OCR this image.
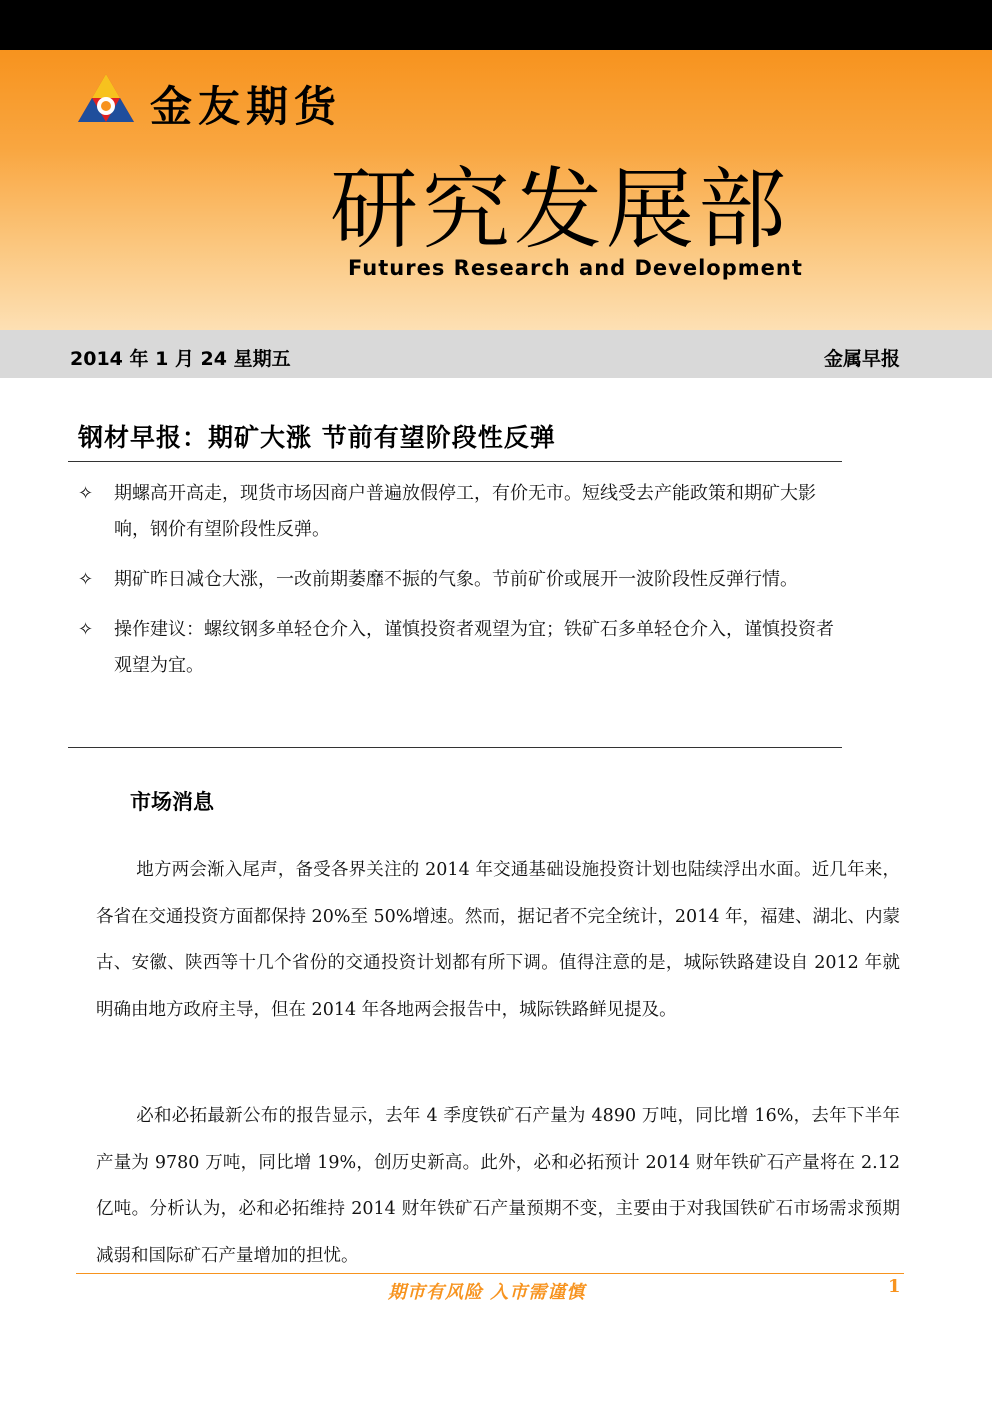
金友期货
研究发展部
Futures Research and Development
2014 年 1 月 24 星期五	金属早报
钢材早报：期矿大涨 节前有望阶段性反弹
✧ 期螺高开高走，现货市场因商户普遍放假停工，有价无市。短线受去产能政策和期矿大影响，钢价有望阶段性反弹。
✧ 期矿昨日减仓大涨，一改前期萎靡不振的气象。节前矿价或展开一波阶段性反弹行情。
✧ 操作建议：螺纹钢多单轻仓介入，谨慎投资者观望为宜；铁矿石多单轻仓介入，谨慎投资者观望为宜。
市场消息

地方两会渐入尾声，备受各界关注的 2014 年交通基础设施投资计划也陆续浮出水面。近几年来，各省在交通投资方面都保持 20%至 50%增速。然而，据记者不完全统计，2014 年，福建、湖北、内蒙古、安徽、陕西等十几个省份的交通投资计划都有所下调。值得注意的是，城际铁路建设自 2012 年就明确由地方政府主导，但在 2014 年各地两会报告中，城际铁路鲜见提及。

必和必拓最新公布的报告显示，去年 4 季度铁矿石产量为 4890 万吨，同比增 16%，去年下半年产量为 9780 万吨，同比增 19%，创历史新高。此外，必和必拓预计 2014 财年铁矿石产量将在 2.12 亿吨。分析认为，必和必拓维持 2014 财年铁矿石产量预期不变，主要由于对我国铁矿石市场需求预期减弱和国际矿石产量增加的担忧。

期市有风险 入市需谨慎	1
